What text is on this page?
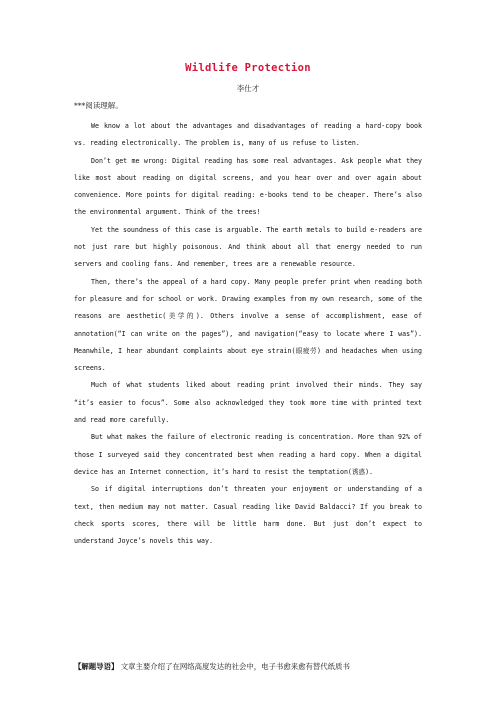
Wildlife Protection
李仕才
***阅读理解。

We know a lot about the advantages and disadvantages of reading a hard-copy book vs. reading electronically. The problem is, many of us refuse to listen.

Don’t get me wrong: Digital reading has some real advantages. Ask people what they like most about reading on digital screens, and you hear over and over again about convenience. More points for digital reading: e-books tend to be cheaper. There’s also the environmental argument. Think of the trees!

Yet the soundness of this case is arguable. The earth metals to build e-readers are not just rare but highly poisonous. And think about all that energy needed to run servers and cooling fans. And remember, trees are a renewable resource.

Then, there’s the appeal of a hard copy. Many people prefer print when reading both for pleasure and for school or work. Drawing examples from my own research, some of the reasons are aesthetic(美学的). Others involve a sense of accomplishment, ease of annotation(“I can write on the pages”), and navigation(“easy to locate where I was”). Meanwhile, I hear abundant complaints about eye strain(眼疲劳) and headaches when using screens.

Much of what students liked about reading print involved their minds. They say “it’s easier to focus”. Some also acknowledged they took more time with printed text and read more carefully.

But what makes the failure of electronic reading is concentration. More than 92% of those I surveyed said they concentrated best when reading a hard copy. When a digital device has an Internet connection, it’s hard to resist the temptation(诱惑).

So if digital interruptions don’t threaten your enjoyment or understanding of a text, then medium may not matter. Casual reading like David Baldacci? If you break to check sports scores, there will be little harm done. But just don’t expect to understand Joyce’s novels this way.

【解题导语】 文章主要介绍了在网络高度发达的社会中，电子书愈来愈有替代纸质书
